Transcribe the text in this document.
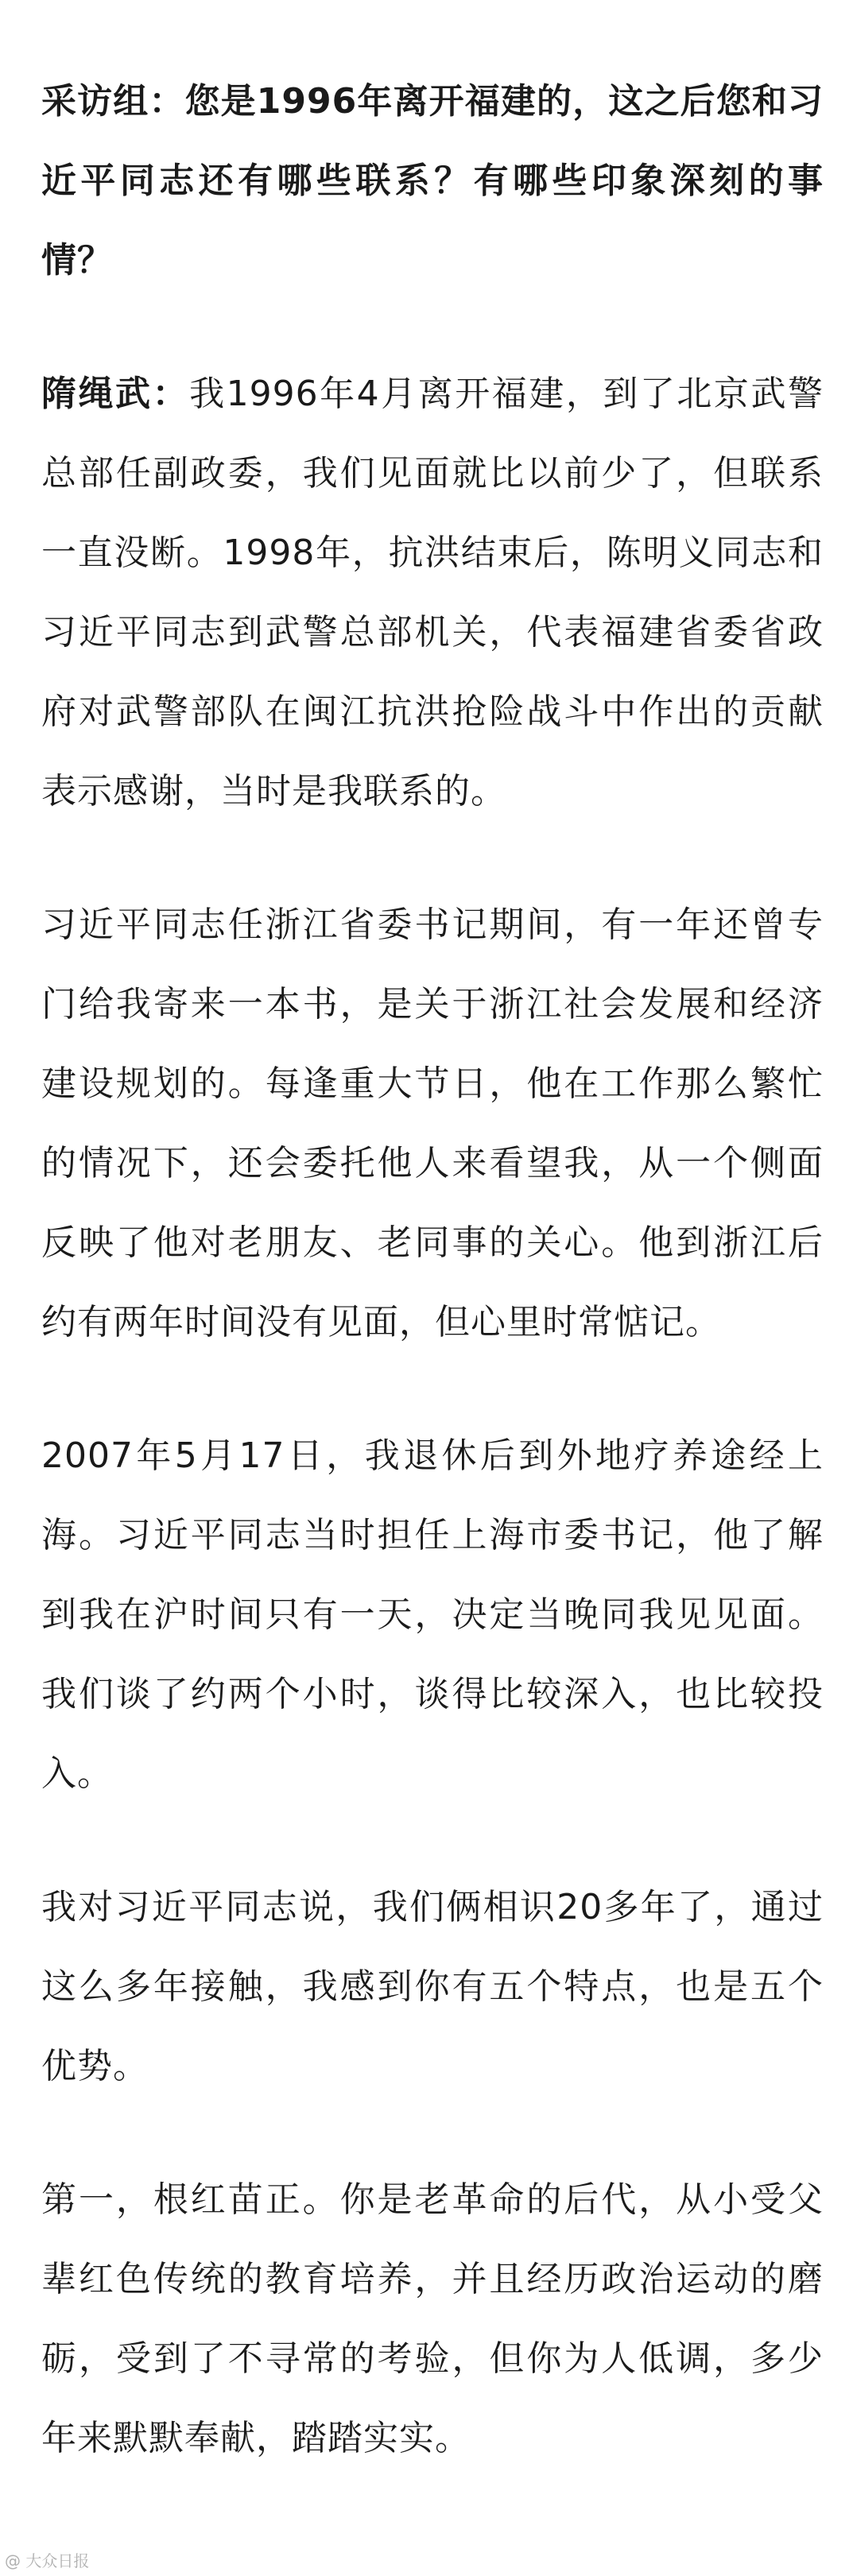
采访组：您是1996年离开福建的，这之后您和习近平同志还有哪些联系？有哪些印象深刻的事情？

隋绳武：我1996年4月离开福建，到了北京武警总部任副政委，我们见面就比以前少了，但联系一直没断。1998年，抗洪结束后，陈明义同志和习近平同志到武警总部机关，代表福建省委省政府对武警部队在闽江抗洪抢险战斗中作出的贡献表示感谢，当时是我联系的。

习近平同志任浙江省委书记期间，有一年还曾专门给我寄来一本书，是关于浙江社会发展和经济建设规划的。每逢重大节日，他在工作那么繁忙的情况下，还会委托他人来看望我，从一个侧面反映了他对老朋友、老同事的关心。他到浙江后约有两年时间没有见面，但心里时常惦记。

2007年5月17日，我退休后到外地疗养途经上海。习近平同志当时担任上海市委书记，他了解到我在沪时间只有一天，决定当晚同我见见面。我们谈了约两个小时，谈得比较深入，也比较投入。

我对习近平同志说，我们俩相识20多年了，通过这么多年接触，我感到你有五个特点，也是五个优势。

第一，根红苗正。你是老革命的后代，从小受父辈红色传统的教育培养，并且经历政治运动的磨砺，受到了不寻常的考验，但你为人低调，多少年来默默奉献，踏踏实实。

@ 大众日报
